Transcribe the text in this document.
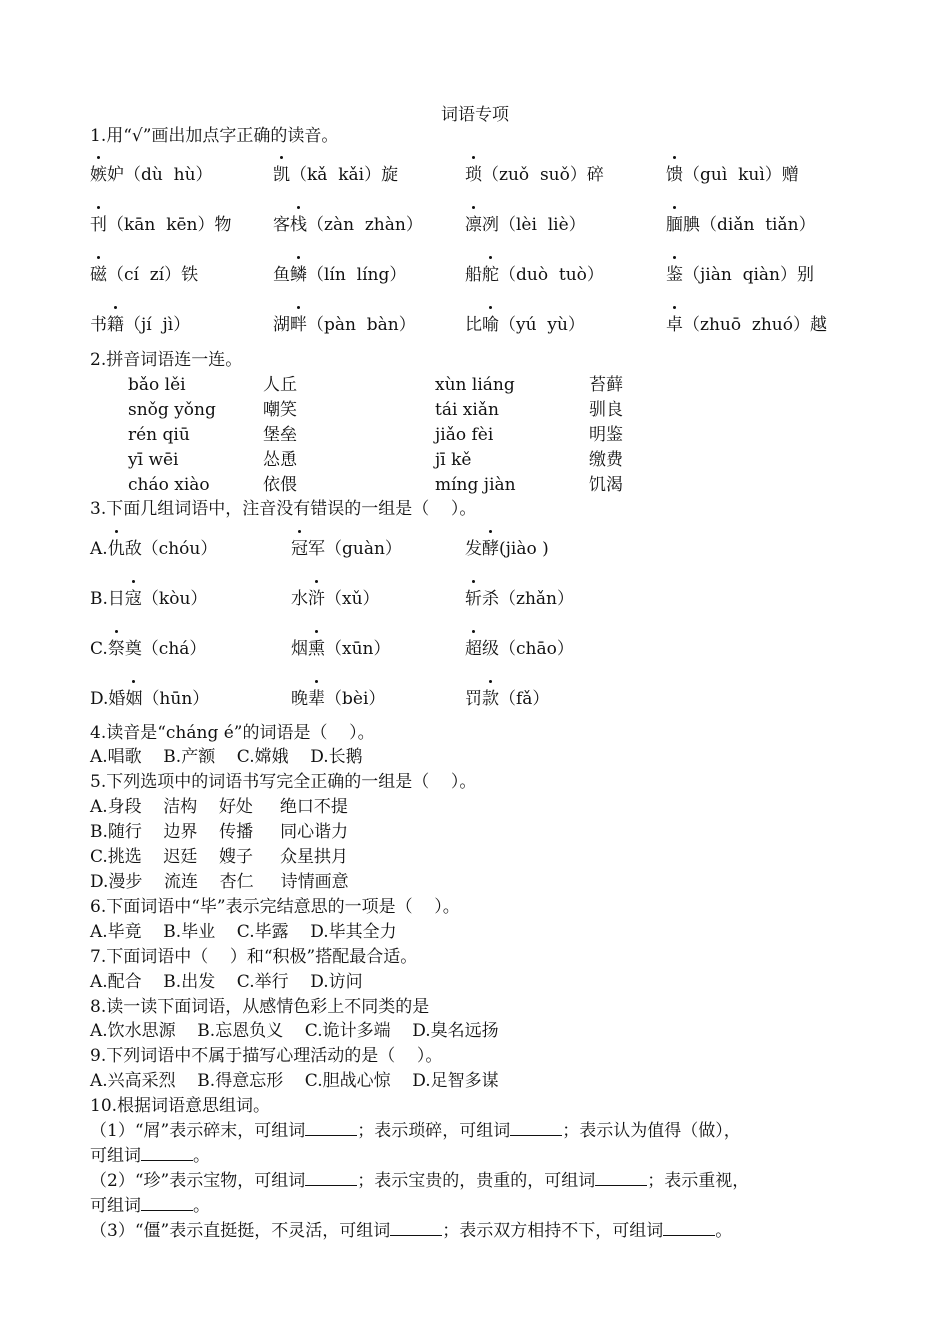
词语专项
1.用“√”画出加点字正确的读音。
嫉妒（dù  hù）	凯（kǎ  kǎi）旋	琐（zuǒ  suǒ）碎	馈（guì  kuì）赠
刊（kān  kēn）物 客栈（zàn  zhàn） 凛冽（lèi  liè）	腼腆（diǎn  tiǎn）
磁（cí  zí）铁	鱼鳞（lín  líng）	船舵（duò  tuò）	鉴（jiàn  qiàn）别
书籍（jí  jì）	湖畔（pàn  bàn）	比喻（yú  yù）	卓（zhuō  zhuó）越
2.拼音词语连一连。
bǎo lěi	人丘	xùn liáng	苔藓
snǒg yǒng	嘲笑	tái xiǎn	驯良
rén qiū	堡垒	jiǎo fèi	明鉴
yī wēi	怂恿	jī kě	缴费
cháo xiào	依偎	míng jiàn	饥渴
3.下面几组词语中，注音没有错误的一组是（    ）。
A.仇敌（chóu）	冠军（guàn）	发酵(jiào )
B.日寇（kòu）	水浒（xǔ）	斩杀（zhǎn）
C.祭奠（chá）	烟熏（xūn）	超级（chāo）
D.婚姻（hūn）	晚辈（bèi）	罚款（fǎ）
4.读音是“cháng é”的词语是（    ）。
A.唱歌    B.产额    C.嫦娥    D.长鹅
5.下列选项中的词语书写完全正确的一组是（    ）。
A.身段    洁构    好处     绝口不提
B.随行    边界    传播     同心谐力
C.挑选    迟廷    嫂子     众星拱月
D.漫步    流连    杏仁     诗情画意
6.下面词语中“毕”表示完结意思的一项是（    ）。
A.毕竟    B.毕业    C.毕露    D.毕其全力
7.下面词语中（    ）和“积极”搭配最合适。
A.配合    B.出发    C.举行    D.访问
8.读一读下面词语，从感情色彩上不同类的是
A.饮水思源    B.忘恩负义    C.诡计多端    D.臭名远扬
9.下列词语中不属于描写心理活动的是（    ）。
A.兴高采烈    B.得意忘形    C.胆战心惊    D.足智多谋
10.根据词语意思组词。
（1）“屑”表示碎末，可组词	；表示琐碎，可组词	；表示认为值得（做），
可组词	。
（2）“珍”表示宝物，可组词	；表示宝贵的，贵重的，可组词	；表示重视，
可组词	。
（3）“僵”表示直挺挺，不灵活，可组词	；表示双方相持不下，可组词	。
